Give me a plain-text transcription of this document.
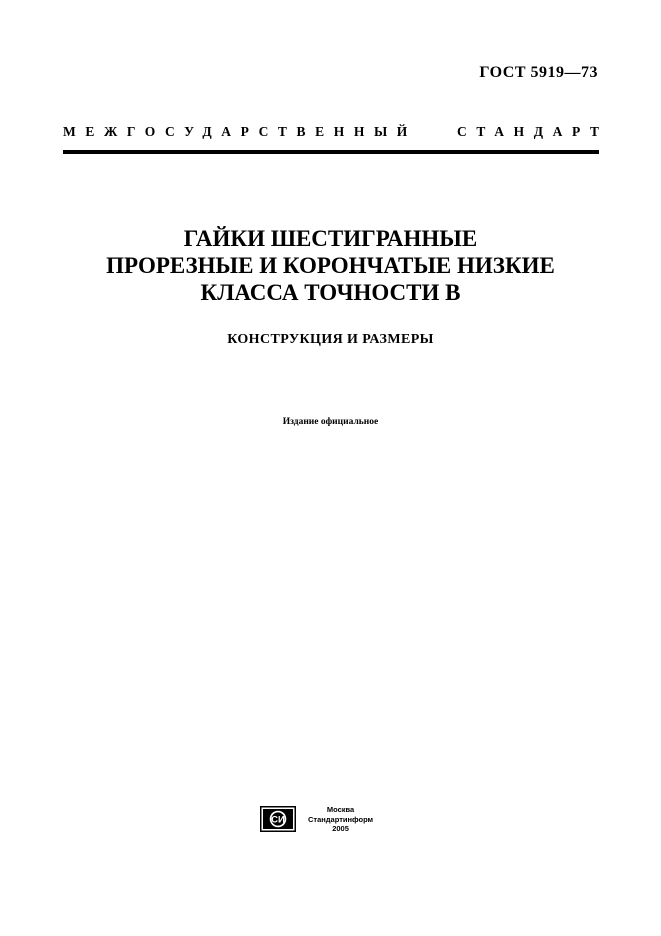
ГОСТ 5919—73
МЕЖГОСУДАРСТВЕННЫЙ	СТАНДАРТ
ГАЙКИ ШЕСТИГРАННЫЕ
ПРОРЕЗНЫЕ И КОРОНЧАТЫЕ НИЗКИЕ
КЛАССА ТОЧНОСТИ В
КОНСТРУКЦИЯ И РАЗМЕРЫ
Издание официальное
СИ
Москва
Стандартинформ
2005
